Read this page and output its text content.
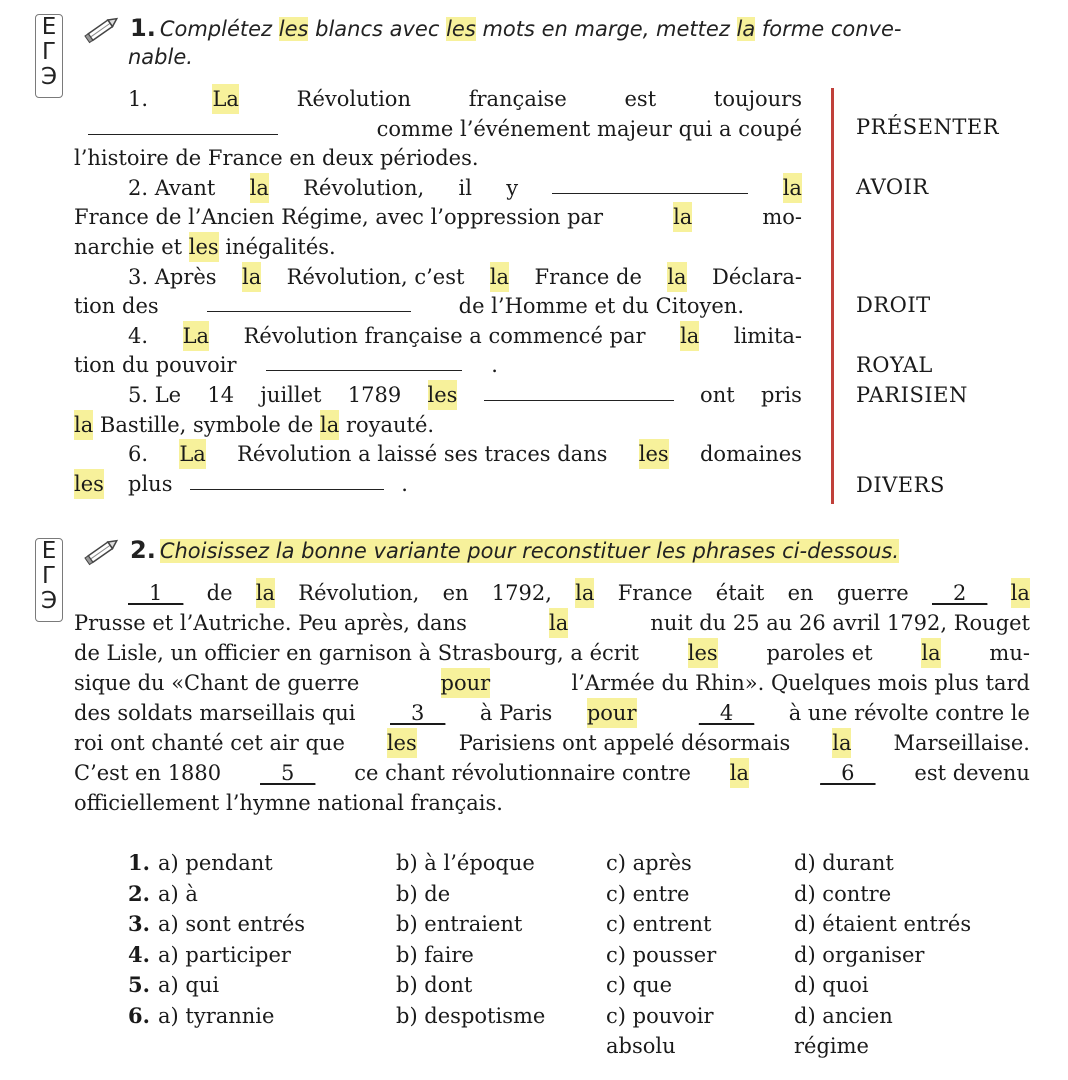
Е
Г
Э
1. Complétez les blancs avec les mots en marge, mettez la forme conve-
nable.
1.	La	Révolution	française	est	toujours
comme l’événement majeur qui a coupé
l’histoire de France en deux périodes.
2. Avant la Révolution, il y	la
France de l’Ancien Régime, avec l’oppression par	la	mo-
narchie et les inégalités.
3. Après la Révolution, c’est la France de la Déclara-
tion des	de l’Homme et du Citoyen.
4. La Révolution française a commencé par la limita-
tion du pouvoir	.
5. Le 14 juillet 1789 les	ont pris
la Bastille, symbole de la royauté.
6. La Révolution a laissé ses traces dans les domaines
les plus	.
PRÉSENTER
AVOIR
DROIT
ROYAL
PARISIEN
DIVERS
Е
Г
Э
2. Choisissez la bonne variante pour reconstituer les phrases ci-dessous.
__1__ de la Révolution, en 1792, la France était en guerre __2__ la
Prusse et l’Autriche. Peu après, dans	la	nuit du 25 au 26 avril 1792, Rouget
de Lisle, un officier en garnison à Strasbourg, a écrit les paroles et la mu-
sique du «Chant de guerre	pour	l’Armée du Rhin». Quelques mois plus tard
des soldats marseillais qui __3__ à Paris pour
	__4__ à une révolte contre le
roi ont chanté cet air que les Parisiens ont appelé désormais la Marseillaise.
C’est en 1880 __5__ ce chant révolutionnaire contre la
	__6__ est devenu
officiellement l’hymne national français.
1. a) pendant	b) à l’époque	c) après	d) durant
2. a) à	b) de	c) entre	d) contre
3. a) sont entrés	b) entraient	c) entrent	d) étaient entrés
4. a) participer	b) faire	c) pousser	d) organiser
5. a) qui	b) dont	c) que	d) quoi
6. a) tyrannie	b) despotisme	c) pouvoir	d) ancien
absolu	régime
